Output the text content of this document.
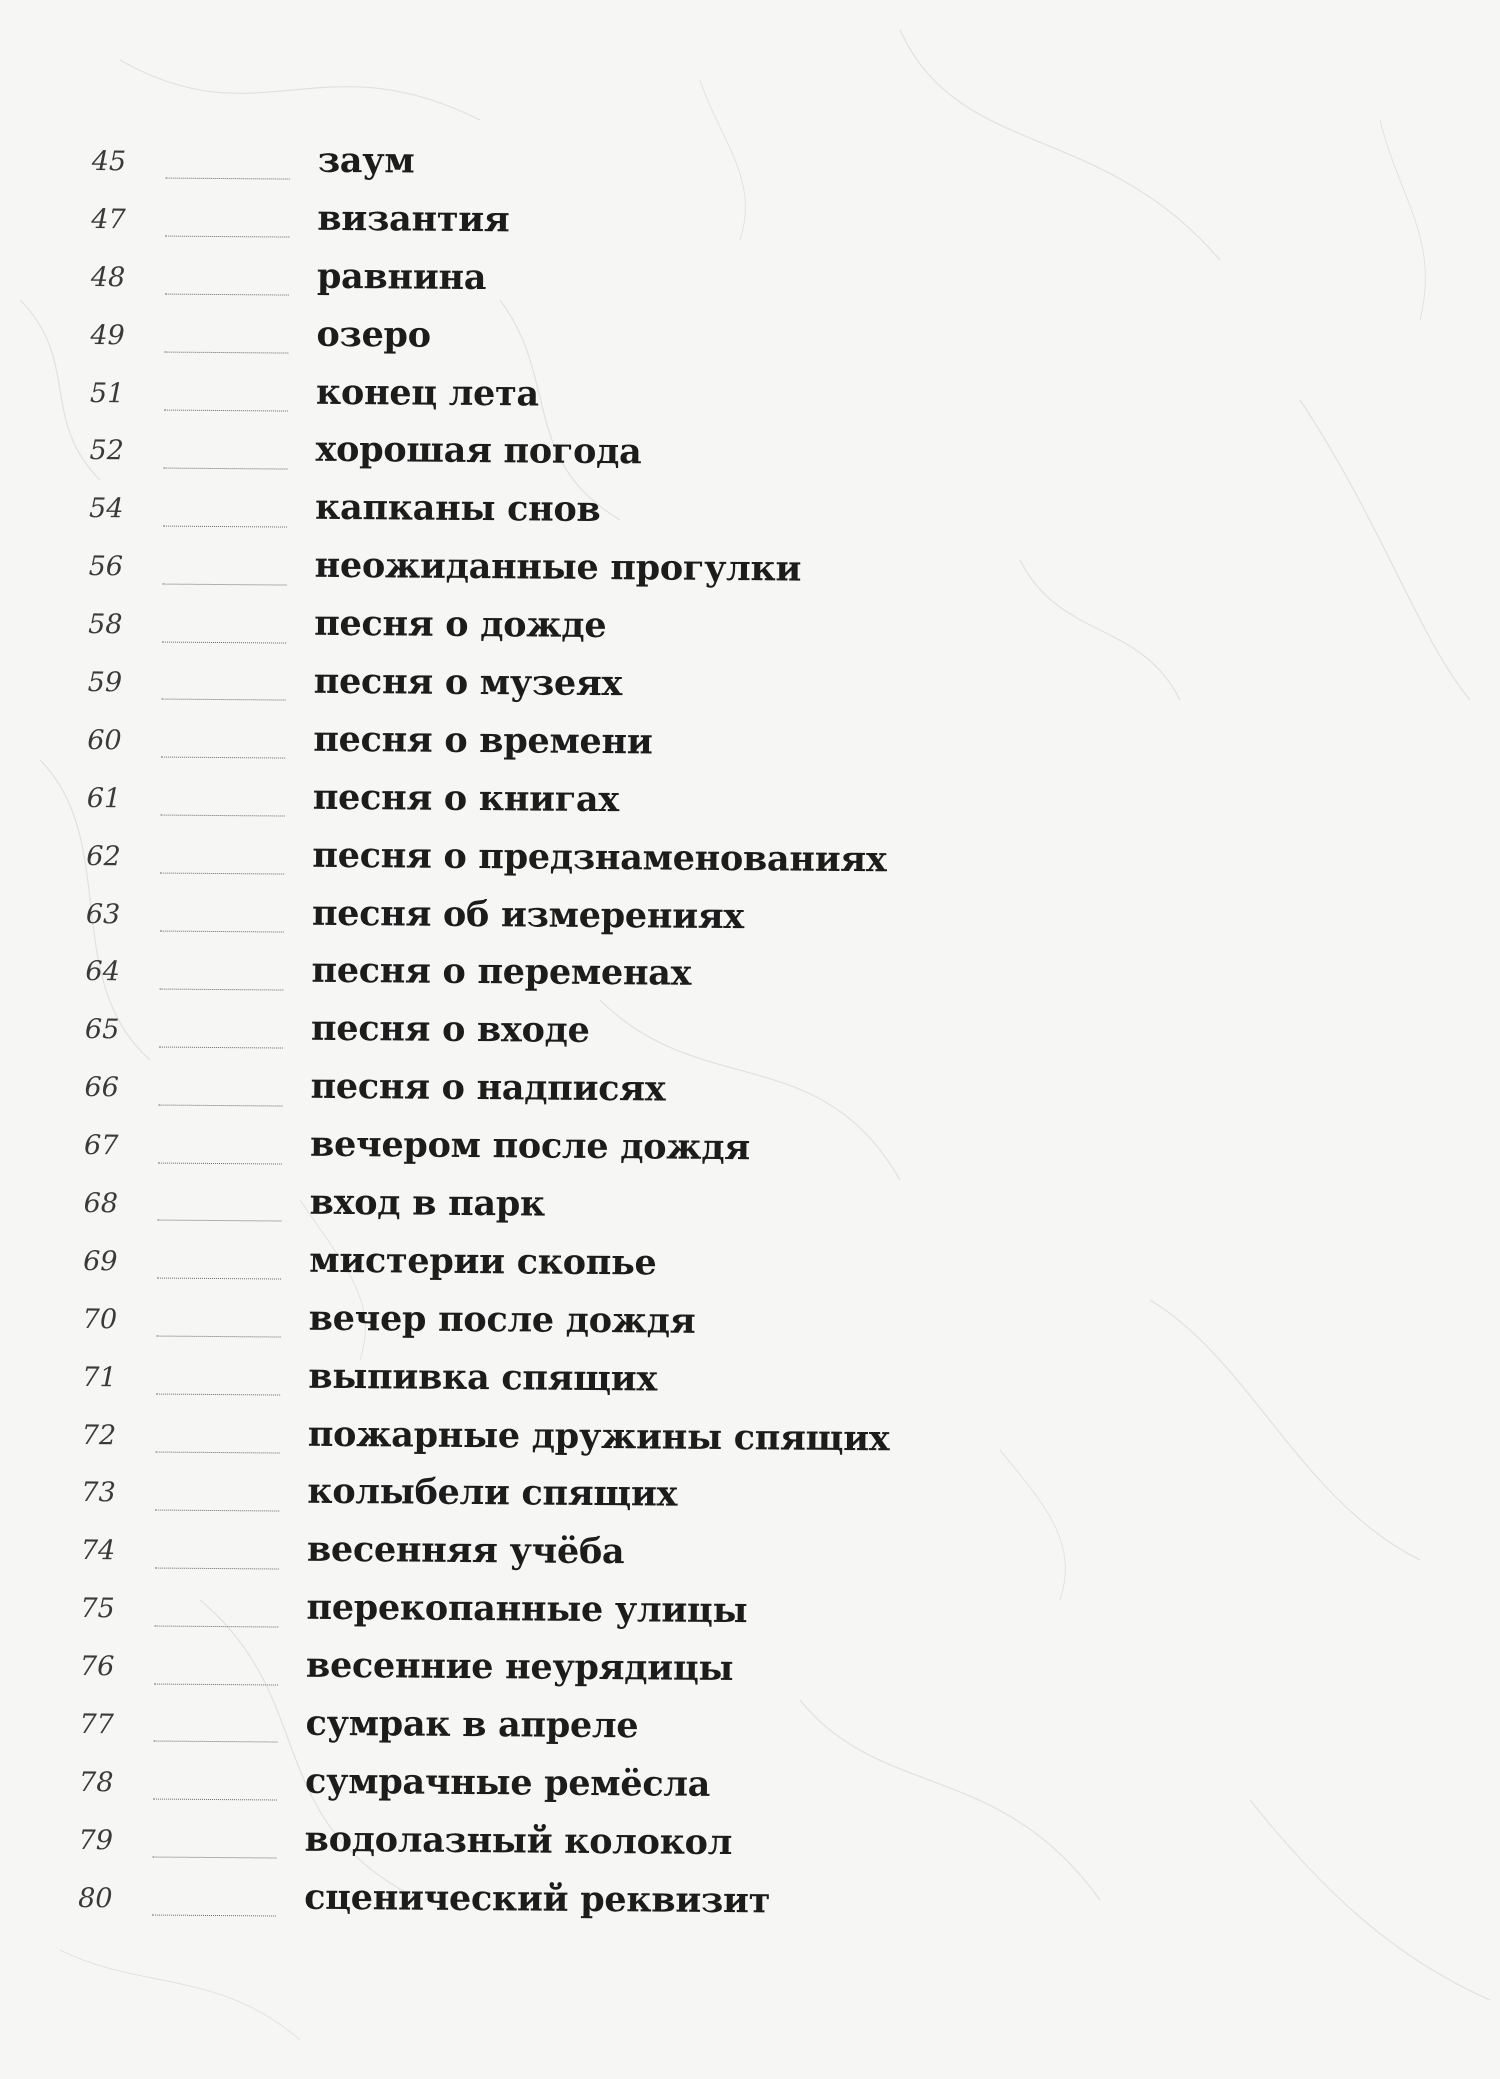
45	заум
47	византия
48	равнина
49	озеро
51	конец лета
52	хорошая погода
54	капканы снов
56	неожиданные прогулки
58	песня о дожде
59	песня о музеях
60	песня о времени
61	песня о книгах
62	песня о предзнаменованиях
63	песня об измерениях
64	песня о переменах
65	песня о входе
66	песня о надписях
67	вечером после дождя
68	вход в парк
69	мистерии скопье
70	вечер после дождя
71	выпивка спящих
72	пожарные дружины спящих
73	колыбели спящих
74	весенняя учёба
75	перекопанные улицы
76	весенние неурядицы
77	сумрак в апреле
78	сумрачные ремёсла
79	водолазный колокол
80	сценический реквизит
